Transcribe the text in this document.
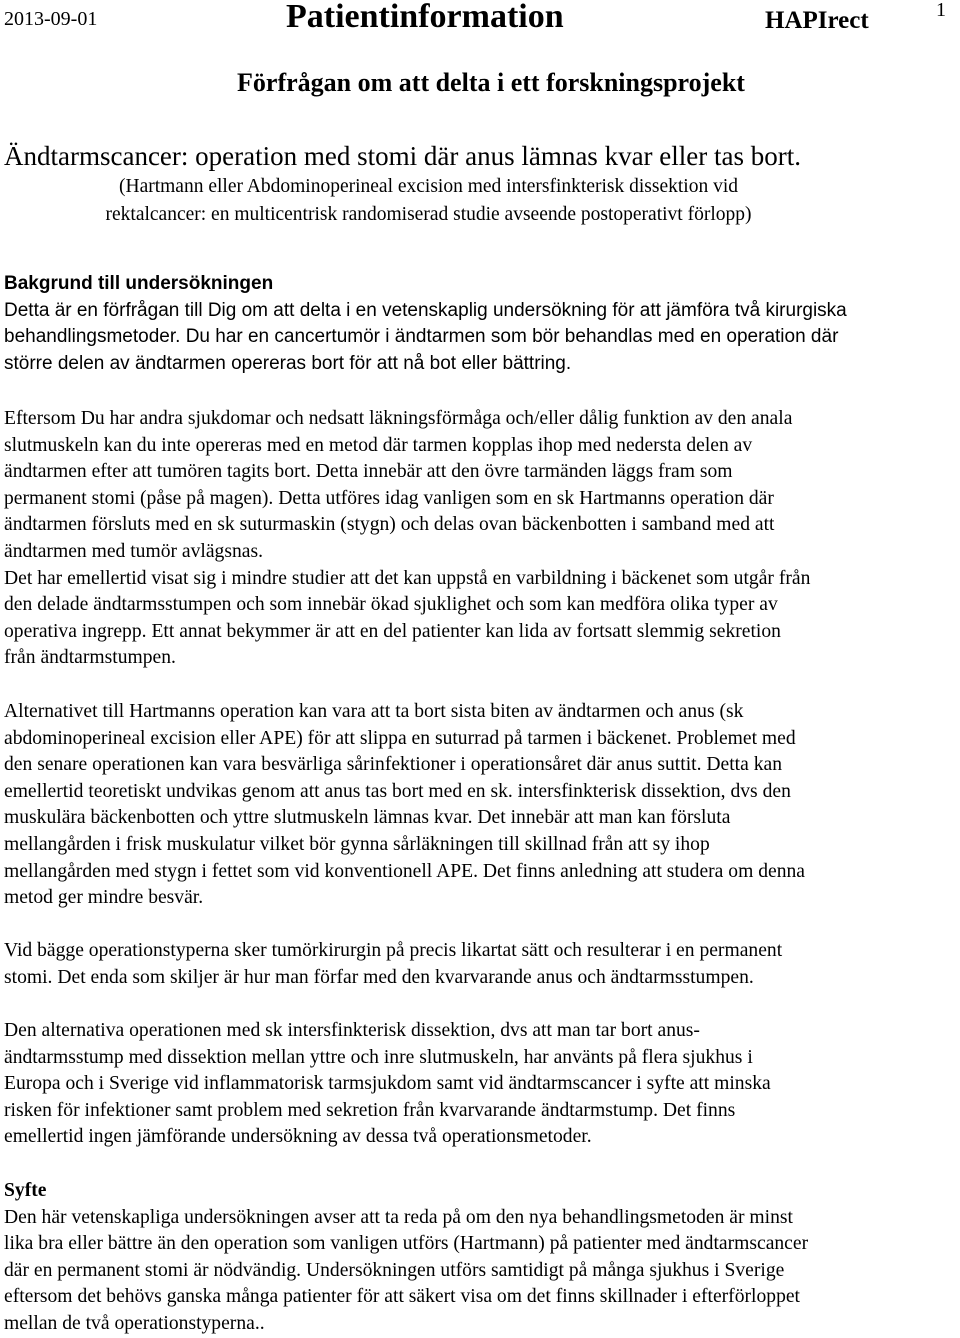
2013-09-01	Patientinformation	HAPIrect	1
Förfrågan om att delta i ett forskningsprojekt
Ändtarmscancer: operation med stomi där anus lämnas kvar eller tas bort.
(Hartmann eller Abdominoperineal excision med intersfinkterisk dissektion vid
rektalcancer: en multicentrisk randomiserad studie avseende postoperativt förlopp)
Bakgrund till undersökningen
Detta är en förfrågan till Dig om att delta i en vetenskaplig undersökning för att jämföra två kirurgiska
behandlingsmetoder. Du har en cancertumör i ändtarmen som bör behandlas med en operation där
större delen av ändtarmen opereras bort för att nå bot eller bättring.
Eftersom Du har andra sjukdomar och nedsatt läkningsförmåga och/eller dålig funktion av den anala
slutmuskeln kan du inte opereras med en metod där tarmen kopplas ihop med nedersta delen av
ändtarmen efter att tumören tagits bort. Detta innebär att den övre tarmänden läggs fram som
permanent stomi (påse på magen). Detta utföres idag vanligen som en sk Hartmanns operation där
ändtarmen försluts med en sk suturmaskin (stygn) och delas ovan bäckenbotten i samband med att
ändtarmen med tumör avlägsnas.
Det har emellertid visat sig i mindre studier att det kan uppstå en varbildning i bäckenet som utgår från
den delade ändtarmsstumpen och som innebär ökad sjuklighet och som kan medföra olika typer av
operativa ingrepp. Ett annat bekymmer är att en del patienter kan lida av fortsatt slemmig sekretion
från ändtarmstumpen.
Alternativet till Hartmanns operation kan vara att ta bort sista biten av ändtarmen och anus (sk
abdominoperineal excision eller APE) för att slippa en suturrad på tarmen i bäckenet. Problemet med
den senare operationen kan vara besvärliga sårinfektioner i operationsåret där anus suttit. Detta kan
emellertid teoretiskt undvikas genom att anus tas bort med en sk. intersfinkterisk dissektion, dvs den
muskulära bäckenbotten och yttre slutmuskeln lämnas kvar. Det innebär att man kan försluta
mellangården i frisk muskulatur vilket bör gynna sårläkningen till skillnad från att sy ihop
mellangården med stygn i fettet som vid konventionell APE. Det finns anledning att studera om denna
metod ger mindre besvär.
Vid bägge operationstyperna sker tumörkirurgin på precis likartat sätt och resulterar i en permanent
stomi. Det enda som skiljer är hur man förfar med den kvarvarande anus och ändtarmsstumpen.
Den alternativa operationen med sk intersfinkterisk dissektion, dvs att man tar bort anus-
ändtarmsstump med dissektion mellan yttre och inre slutmuskeln, har använts på flera sjukhus i
Europa och i Sverige vid inflammatorisk tarmsjukdom samt vid ändtarmscancer i syfte att minska
risken för infektioner samt problem med sekretion från kvarvarande ändtarmstump. Det finns
emellertid ingen jämförande undersökning av dessa två operationsmetoder.
Syfte
Den här vetenskapliga undersökningen avser att ta reda på om den nya behandlingsmetoden är minst
lika bra eller bättre än den operation som vanligen utförs (Hartmann) på patienter med ändtarmscancer
där en permanent stomi är nödvändig. Undersökningen utförs samtidigt på många sjukhus i Sverige
eftersom det behövs ganska många patienter för att säkert visa om det finns skillnader i efterförloppet
mellan de två operationstyperna..
